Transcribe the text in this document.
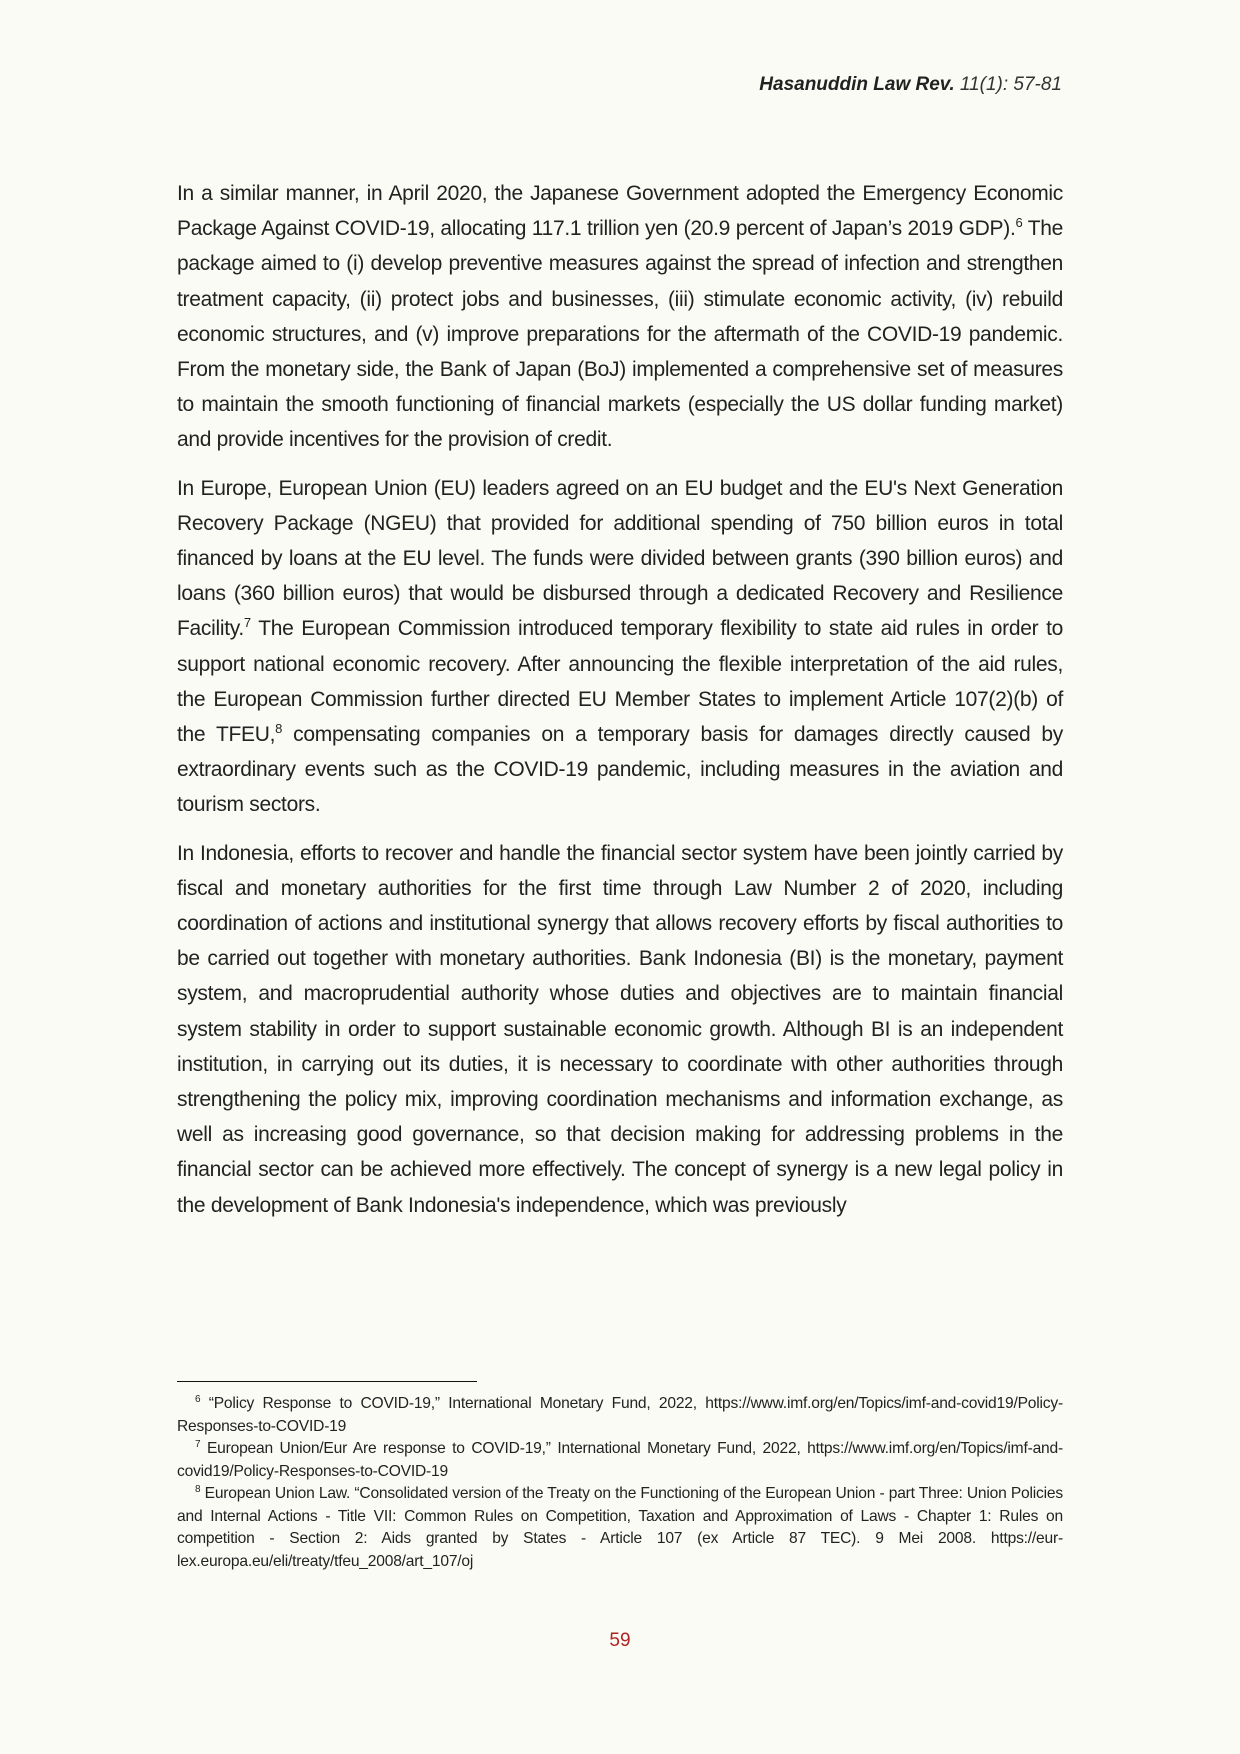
Hasanuddin Law Rev. 11(1): 57-81

In a similar manner, in April 2020, the Japanese Government adopted the Emergency Economic Package Against COVID-19, allocating 117.1 trillion yen (20.9 percent of Japan’s 2019 GDP).$^6$ The package aimed to (i) develop preventive measures against the spread of infection and strengthen treatment capacity, (ii) protect jobs and businesses, (iii) stimulate economic activity, (iv) rebuild economic structures, and (v) improve preparations for the aftermath of the COVID-19 pandemic. From the monetary side, the Bank of Japan (BoJ) implemented a comprehensive set of measures to maintain the smooth functioning of financial markets (especially the US dollar funding market) and provide incentives for the provision of credit.

In Europe, European Union (EU) leaders agreed on an EU budget and the EU's Next Generation Recovery Package (NGEU) that provided for additional spending of 750 billion euros in total financed by loans at the EU level. The funds were divided between grants (390 billion euros) and loans (360 billion euros) that would be disbursed through a dedicated Recovery and Resilience Facility.$^7$ The European Commission introduced temporary flexibility to state aid rules in order to support national economic recovery. After announcing the flexible interpretation of the aid rules, the European Commission further directed EU Member States to implement Article 107(2)(b) of the TFEU,$^8$ compensating companies on a temporary basis for damages directly caused by extraordinary events such as the COVID-19 pandemic, including measures in the aviation and tourism sectors.

In Indonesia, efforts to recover and handle the financial sector system have been jointly carried by fiscal and monetary authorities for the first time through Law Number 2 of 2020, including coordination of actions and institutional synergy that allows recovery efforts by fiscal authorities to be carried out together with monetary authorities. Bank Indonesia (BI) is the monetary, payment system, and macroprudential authority whose duties and objectives are to maintain financial system stability in order to support sustainable economic growth. Although BI is an independent institution, in carrying out its duties, it is necessary to coordinate with other authorities through strengthening the policy mix, improving coordination mechanisms and information exchange, as well as increasing good governance, so that decision making for addressing problems in the financial sector can be achieved more effectively. The concept of synergy is a new legal policy in the development of Bank Indonesia's independence, which was previously

$^6$ “Policy Response to COVID-19,” International Monetary Fund, 2022, https://www.imf.org/en/Topics/imf-and-covid19/Policy-Responses-to-COVID-19

$^7$ European Union/Eur Are response to COVID-19,” International Monetary Fund, 2022, https://www.imf.org/en/Topics/imf-and-covid19/Policy-Responses-to-COVID-19

$^8$ European Union Law. “Consolidated version of the Treaty on the Functioning of the European Union - part Three: Union Policies and Internal Actions - Title VII: Common Rules on Competition, Taxation and Approximation of Laws - Chapter 1: Rules on competition - Section 2: Aids granted by States - Article 107 (ex Article 87 TEC). 9 Mei 2008. https://eur-lex.europa.eu/eli/treaty/tfeu_2008/art_107/oj

59
